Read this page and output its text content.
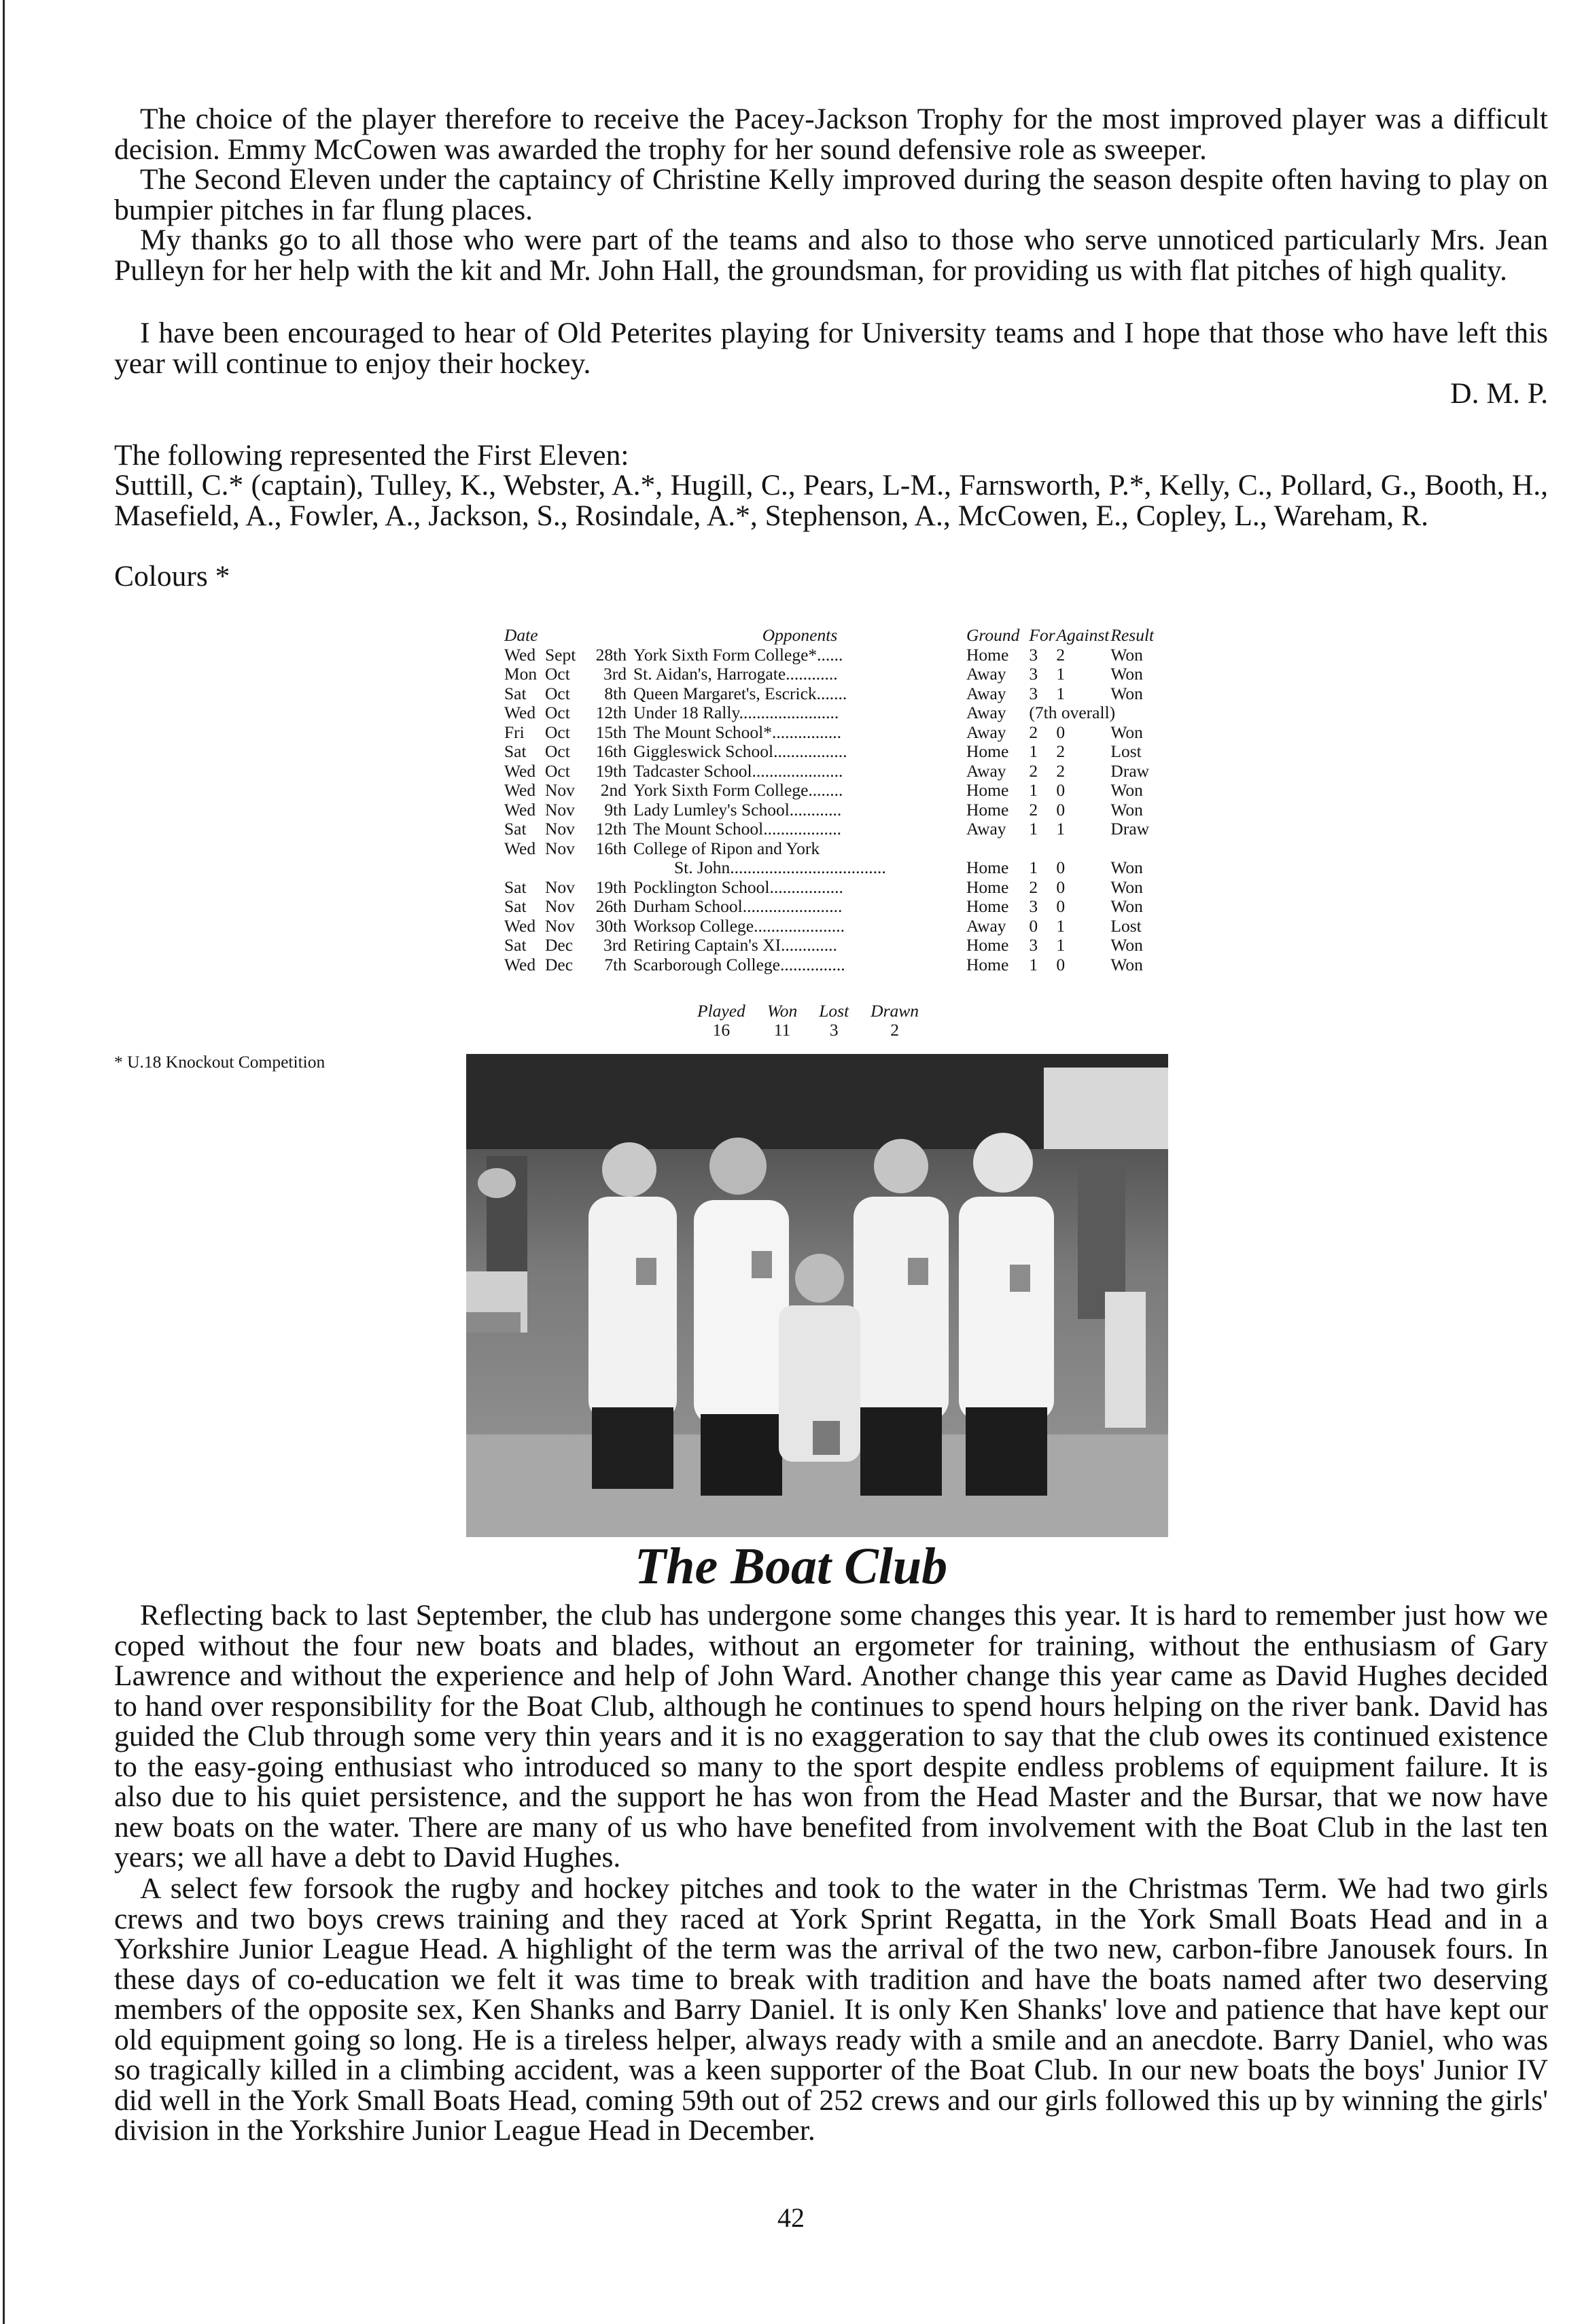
The choice of the player therefore to receive the Pacey-Jackson Trophy for the most improved player was a difficult decision. Emmy McCowen was awarded the trophy for her sound defensive role as sweeper.

The Second Eleven under the captaincy of Christine Kelly improved during the season despite often having to play on bumpier pitches in far flung places.

My thanks go to all those who were part of the teams and also to those who serve unnoticed particularly Mrs. Jean Pulleyn for her help with the kit and Mr. John Hall, the groundsman, for providing us with flat pitches of high quality.

I have been encouraged to hear of Old Peterites playing for University teams and I hope that those who have left this year will continue to enjoy their hockey.

D. M. P.
The following represented the First Eleven:

Suttill, C.* (captain), Tulley, K., Webster, A.*, Hugill, C., Pears, L-M., Farnsworth, P.*, Kelly, C., Pollard, G., Booth, H., Masefield, A., Fowler, A., Jackson, S., Rosindale, A.*, Stephenson, A., McCowen, E., Copley, L., Wareham, R.

Colours *
Date			Opponents	Ground	For	Against	Result
Wed	Sept	28th	York Sixth Form College*......	Home	3	2	Won
Mon	Oct	3rd	St. Aidan's, Harrogate............	Away	3	1	Won
Sat	Oct	8th	Queen Margaret's, Escrick.......	Away	3	1	Won
Wed	Oct	12th	Under 18 Rally.......................	Away	(7th overall)		
Fri	Oct	15th	The Mount School*................	Away	2	0	Won
Sat	Oct	16th	Giggleswick School.................	Home	1	2	Lost
Wed	Oct	19th	Tadcaster School.....................	Away	2	2	Draw
Wed	Nov	2nd	York Sixth Form College........	Home	1	0	Won
Wed	Nov	9th	Lady Lumley's School............	Home	2	0	Won
Sat	Nov	12th	The Mount School..................	Away	1	1	Draw
Wed	Nov	16th	College of Ripon and York				
			St. John....................................	Home	1	0	Won
Sat	Nov	19th	Pocklington School.................	Home	2	0	Won
Sat	Nov	26th	Durham School.......................	Home	3	0	Won
Wed	Nov	30th	Worksop College.....................	Away	0	1	Lost
Sat	Dec	3rd	Retiring Captain's XI.............	Home	3	1	Won
Wed	Dec	7th	Scarborough College...............	Home	1	0	Won
Played	Won	Lost	Drawn
16	11	3	2
* U.18 Knockout Competition
The Boat Club

Reflecting back to last September, the club has undergone some changes this year. It is hard to remember just how we coped without the four new boats and blades, without an ergometer for training, without the enthusiasm of Gary Lawrence and without the experience and help of John Ward. Another change this year came as David Hughes decided to hand over responsibility for the Boat Club, although he continues to spend hours helping on the river bank. David has guided the Club through some very thin years and it is no exaggeration to say that the club owes its continued existence to the easy-going enthusiast who introduced so many to the sport despite endless problems of equipment failure. It is also due to his quiet persistence, and the support he has won from the Head Master and the Bursar, that we now have new boats on the water. There are many of us who have benefited from involvement with the Boat Club in the last ten years; we all have a debt to David Hughes.

A select few forsook the rugby and hockey pitches and took to the water in the Christmas Term. We had two girls crews and two boys crews training and they raced at York Sprint Regatta, in the York Small Boats Head and in a Yorkshire Junior League Head. A highlight of the term was the arrival of the two new, carbon-fibre Janousek fours. In these days of co-education we felt it was time to break with tradition and have the boats named after two deserving members of the opposite sex, Ken Shanks and Barry Daniel. It is only Ken Shanks' love and patience that have kept our old equipment going so long. He is a tireless helper, always ready with a smile and an anecdote. Barry Daniel, who was so tragically killed in a climbing accident, was a keen supporter of the Boat Club. In our new boats the boys' Junior IV did well in the York Small Boats Head, coming 59th out of 252 crews and our girls followed this up by winning the girls' division in the Yorkshire Junior League Head in December.

42
